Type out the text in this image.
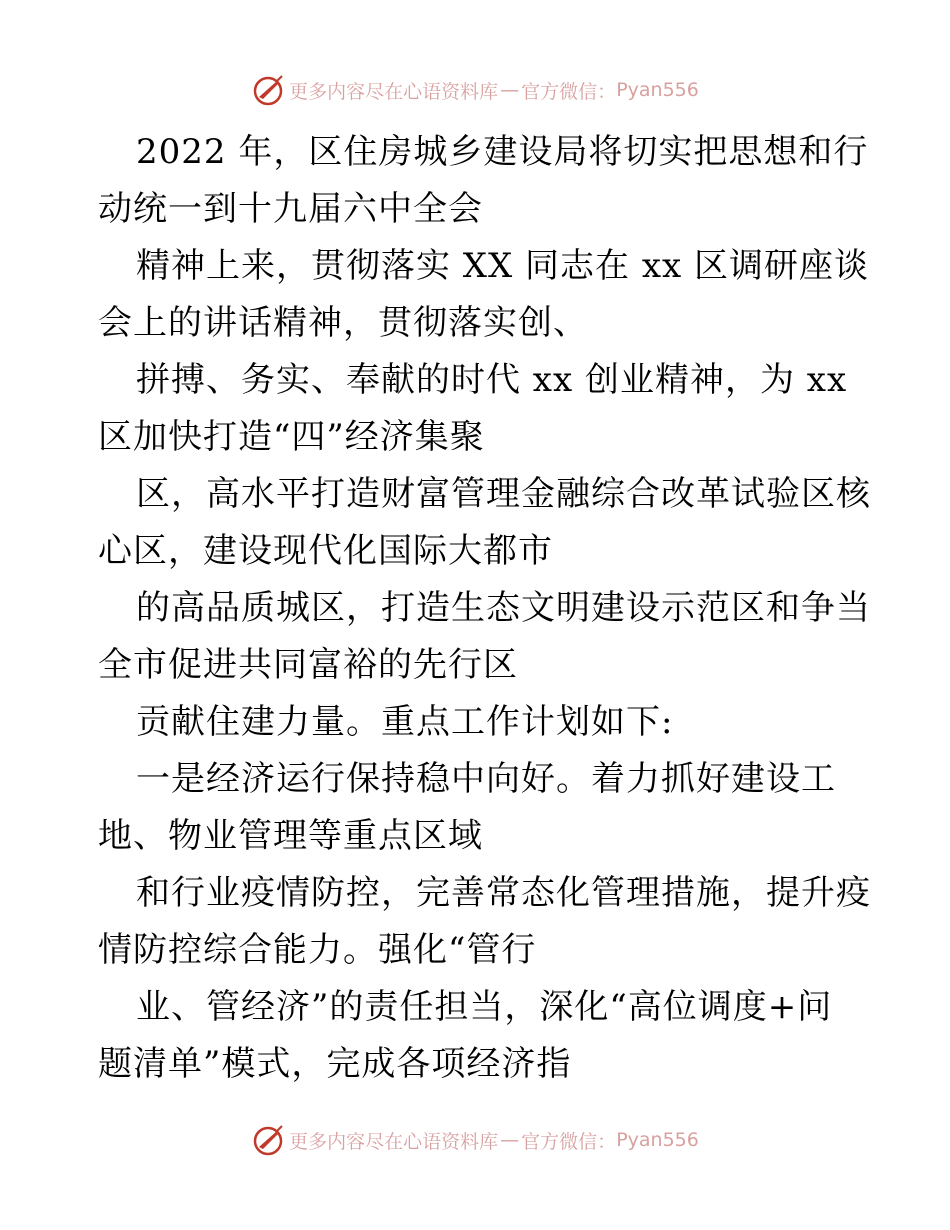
更多内容尽在心语资料库 — 官方微信： Pyan556
2022 年，区住房城乡建设局将切实把思想和行
动统一到十九届六中全会
精神上来，贯彻落实 XX 同志在 xx 区调研座谈
会上的讲话精神，贯彻落实创、
拼搏、务实、奉献的时代 xx 创业精神，为 xx
区加快打造“四”经济集聚
区，高水平打造财富管理金融综合改革试验区核
心区，建设现代化国际大都市
的高品质城区，打造生态文明建设示范区和争当
全市促进共同富裕的先行区
贡献住建力量。重点工作计划如下:
一是经济运行保持稳中向好。着力抓好建设工
地、物业管理等重点区域
和行业疫情防控，完善常态化管理措施，提升疫
情防控综合能力。强化“管行
业、管经济”的责任担当，深化“高位调度+问
题清单”模式，完成各项经济指
更多内容尽在心语资料库 — 官方微信： Pyan556
